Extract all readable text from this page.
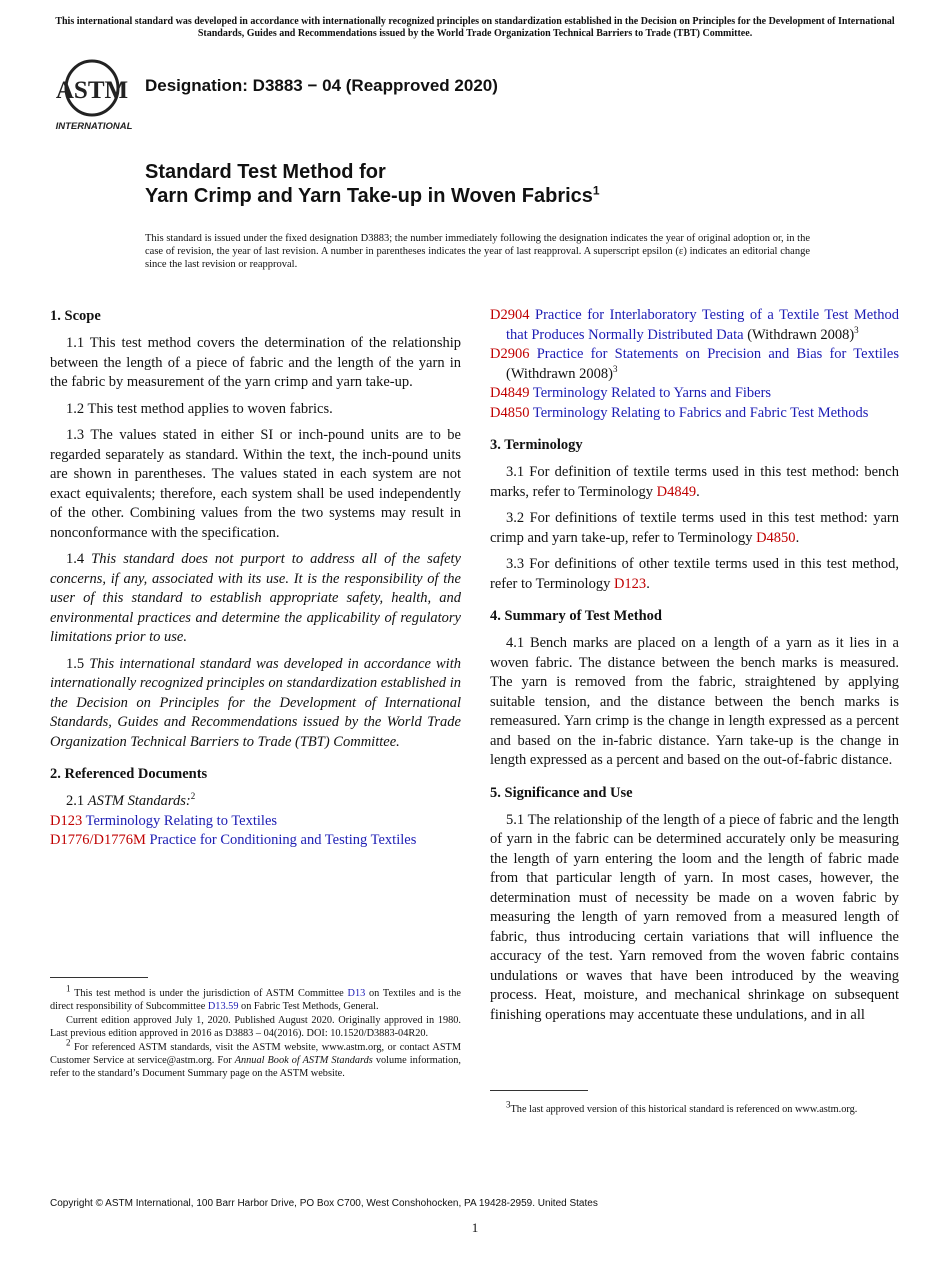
This international standard was developed in accordance with internationally recognized principles on standardization established in the Decision on Principles for the Development of International Standards, Guides and Recommendations issued by the World Trade Organization Technical Barriers to Trade (TBT) Committee.
ASTM
INTERNATIONAL
Designation: D3883 − 04 (Reapproved 2020)
Standard Test Method for
Yarn Crimp and Yarn Take-up in Woven Fabrics$^1$
This standard is issued under the fixed designation D3883; the number immediately following the designation indicates the year of original adoption or, in the case of revision, the year of last revision. A number in parentheses indicates the year of last reapproval. A superscript epsilon (ε) indicates an editorial change since the last revision or reapproval.
1. Scope

1.1 This test method covers the determination of the relationship between the length of a piece of fabric and the length of the yarn in the fabric by measurement of the yarn crimp and yarn take-up.

1.2 This test method applies to woven fabrics.

1.3 The values stated in either SI or inch-pound units are to be regarded separately as standard. Within the text, the inch-pound units are shown in parentheses. The values stated in each system are not exact equivalents; therefore, each system shall be used independently of the other. Combining values from the two systems may result in nonconformance with the specification.

1.4 This standard does not purport to address all of the safety concerns, if any, associated with its use. It is the responsibility of the user of this standard to establish appropriate safety, health, and environmental practices and determine the applicability of regulatory limitations prior to use.

1.5 This international standard was developed in accordance with internationally recognized principles on standardization established in the Decision on Principles for the Development of International Standards, Guides and Recommendations issued by the World Trade Organization Technical Barriers to Trade (TBT) Committee.

2. Referenced Documents

2.1 ASTM Standards:$^2$

D123 Terminology Relating to Textiles
D1776/D1776M Practice for Conditioning and Testing Textiles

$^1$ This test method is under the jurisdiction of ASTM Committee D13 on Textiles and is the direct responsibility of Subcommittee D13.59 on Fabric Test Methods, General.

Current edition approved July 1, 2020. Published August 2020. Originally approved in 1980. Last previous edition approved in 2016 as D3883 – 04(2016). DOI: 10.1520/D3883-04R20.

$^2$ For referenced ASTM standards, visit the ASTM website, www.astm.org, or contact ASTM Customer Service at service@astm.org. For Annual Book of ASTM Standards volume information, refer to the standard’s Document Summary page on the ASTM website.

D2904 Practice for Interlaboratory Testing of a Textile Test Method that Produces Normally Distributed Data (Withdrawn 2008)$^3$
D2906 Practice for Statements on Precision and Bias for Textiles (Withdrawn 2008)$^3$
D4849 Terminology Related to Yarns and Fibers
D4850 Terminology Relating to Fabrics and Fabric Test Methods
3. Terminology

3.1 For definition of textile terms used in this test method: bench marks, refer to Terminology D4849.

3.2 For definitions of textile terms used in this test method: yarn crimp and yarn take-up, refer to Terminology D4850.

3.3 For definitions of other textile terms used in this test method, refer to Terminology D123.

4. Summary of Test Method

4.1 Bench marks are placed on a length of a yarn as it lies in a woven fabric. The distance between the bench marks is measured. The yarn is removed from the fabric, straightened by applying suitable tension, and the distance between the bench marks is remeasured. Yarn crimp is the change in length expressed as a percent and based on the in-fabric distance. Yarn take-up is the change in length expressed as a percent and based on the out-of-fabric distance.

5. Significance and Use

5.1 The relationship of the length of a piece of fabric and the length of yarn in the fabric can be determined accurately only be measuring the length of yarn entering the loom and the length of fabric made from that particular length of yarn. In most cases, however, the determination must of necessity be made on a woven fabric by measuring the length of yarn removed from a measured length of fabric, thus introducing certain variations that will influence the accuracy of the test. Yarn removed from the woven fabric contains undulations or waves that have been introduced by the weaving process. Heat, moisture, and mechanical shrinkage on subsequent finishing operations may accentuate these undulations, and in all

$^3$The last approved version of this historical standard is referenced on www.astm.org.

Copyright © ASTM International, 100 Barr Harbor Drive, PO Box C700, West Conshohocken, PA 19428-2959. United States
1
